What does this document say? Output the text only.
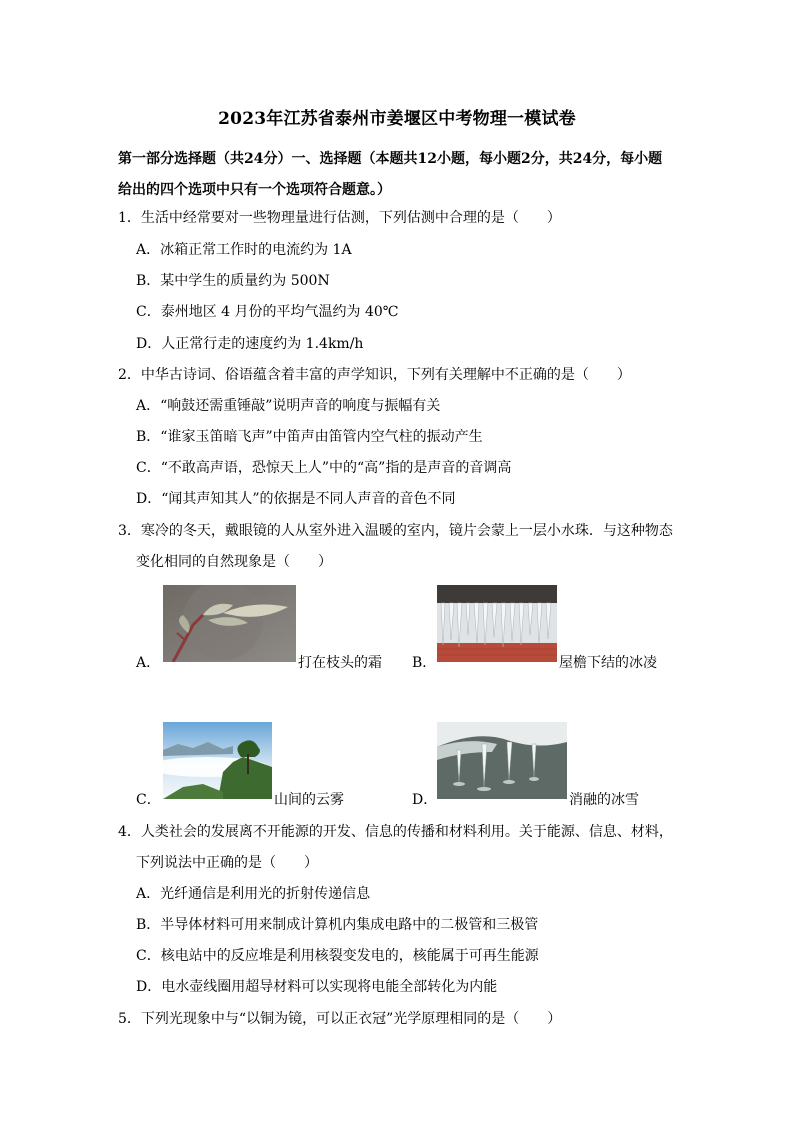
2023年江苏省泰州市姜堰区中考物理一模试卷
第一部分选择题（共24分）一、选择题（本题共12小题，每小题2分，共24分，每小题
给出的四个选项中只有一个选项符合题意。）
1．生活中经常要对一些物理量进行估测，下列估测中合理的是（　　）
A．冰箱正常工作时的电流约为 1A
B．某中学生的质量约为 500N
C．泰州地区 4 月份的平均气温约为 40℃
D．人正常行走的速度约为 1.4km/h
2．中华古诗词、俗语蕴含着丰富的声学知识，下列有关理解中不正确的是（　　）
A．“响鼓还需重锤敲”说明声音的响度与振幅有关
B．“谁家玉笛暗飞声”中笛声由笛管内空气柱的振动产生
C．“不敢高声语，恐惊天上人”中的“高”指的是声音的音调高
D．“闻其声知其人”的依据是不同人声音的音色不同
3．寒冷的冬天，戴眼镜的人从室外进入温暖的室内，镜片会蒙上一层小水珠．与这种物态
变化相同的自然现象是（　　）
A．	打在枝头的霜 B．	屋檐下结的冰凌
C．	山间的云雾	D．	消融的冰雪
4．人类社会的发展离不开能源的开发、信息的传播和材料利用。关于能源、信息、材料，
下列说法中正确的是（　　）
A．光纤通信是利用光的折射传递信息
B．半导体材料可用来制成计算机内集成电路中的二极管和三极管
C．核电站中的反应堆是利用核裂变发电的，核能属于可再生能源
D．电水壶线圈用超导材料可以实现将电能全部转化为内能
5．下列光现象中与“以铜为镜，可以正衣冠”光学原理相同的是（　　）
